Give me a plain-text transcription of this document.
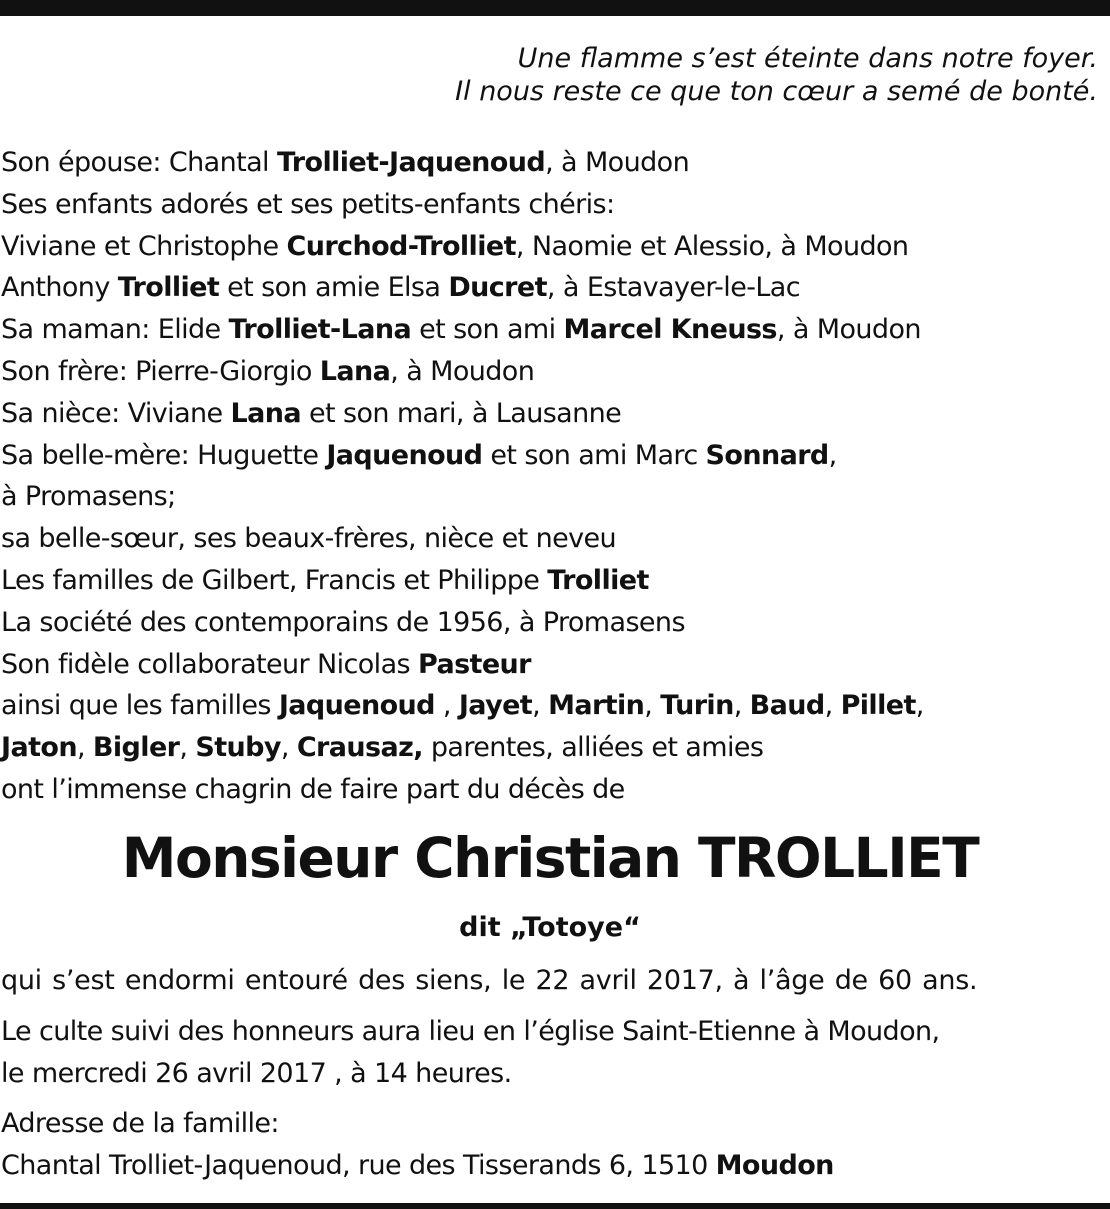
Une flamme s’est éteinte dans notre foyer.
Il nous reste ce que ton cœur a semé de bonté.
Son épouse: Chantal Trolliet-Jaquenoud, à Moudon
Ses enfants adorés et ses petits-enfants chéris:
Viviane et Christophe Curchod-Trolliet, Naomie et Alessio, à Moudon
Anthony Trolliet et son amie Elsa Ducret, à Estavayer-le-Lac
Sa maman: Elide Trolliet-Lana et son ami Marcel Kneuss, à Moudon
Son frère: Pierre-Giorgio Lana, à Moudon
Sa nièce: Viviane Lana et son mari, à Lausanne
Sa belle-mère: Huguette Jaquenoud et son ami Marc Sonnard,
à Promasens;
sa belle-sœur, ses beaux-frères, nièce et neveu
Les familles de Gilbert, Francis et Philippe Trolliet
La société des contemporains de 1956, à Promasens
Son fidèle collaborateur Nicolas Pasteur
ainsi que les familles Jaquenoud , Jayet, Martin, Turin, Baud, Pillet,
Jaton, Bigler, Stuby, Crausaz, parentes, alliées et amies
ont l’immense chagrin de faire part du décès de
Monsieur Christian TROLLIET
dit „Totoye“
qui s’est endormi entouré des siens, le 22 avril 2017, à l’âge de 60 ans.
Le culte suivi des honneurs aura lieu en l’église Saint-Etienne à Moudon,
le mercredi 26 avril 2017 , à 14 heures.
Adresse de la famille:
Chantal Trolliet-Jaquenoud, rue des Tisserands 6, 1510 Moudon
